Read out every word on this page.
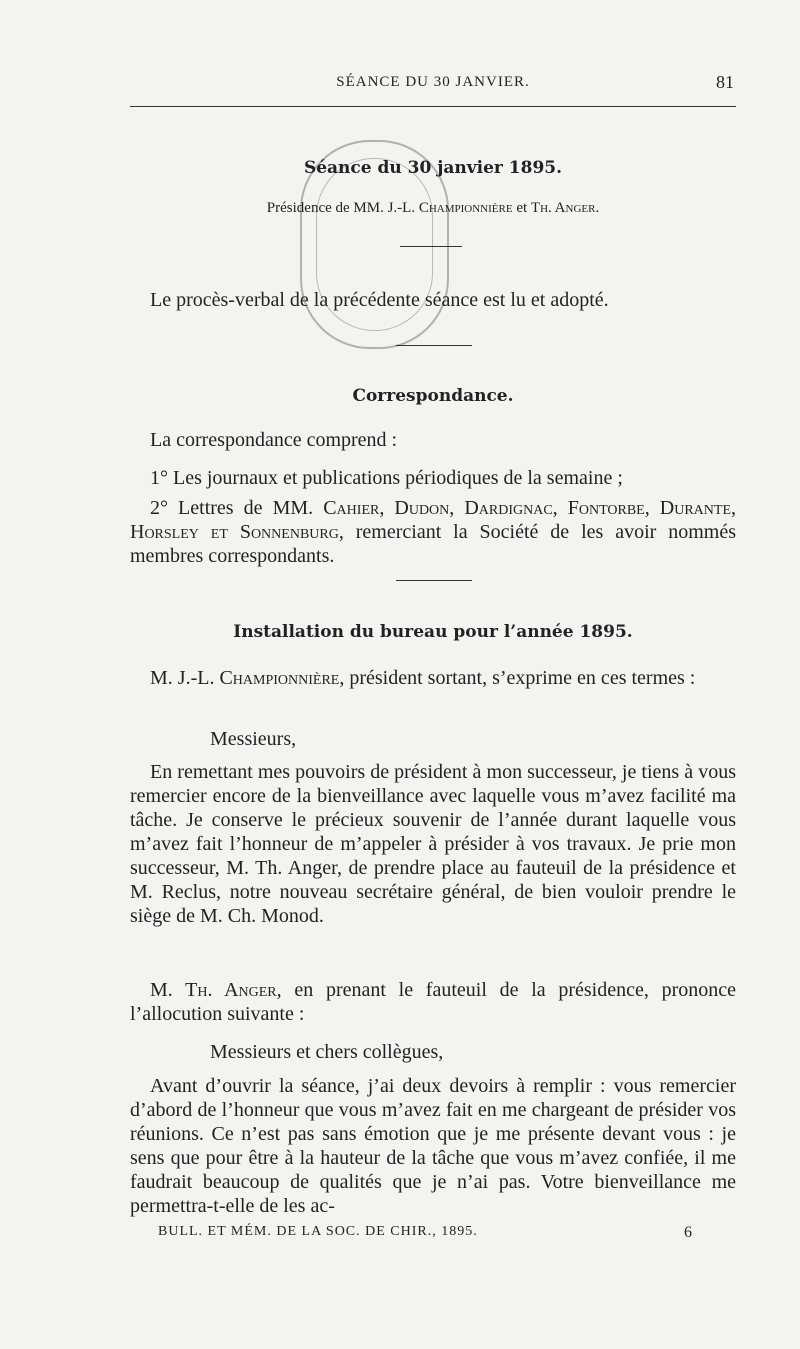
SÉANCE DU 30 JANVIER.	81
Séance du 30 janvier 1895.
Présidence de MM. J.-L. Championnière et Th. Anger.

Le procès-verbal de la précédente séance est lu et adopté.

Correspondance.

La correspondance comprend :

1° Les journaux et publications périodiques de la semaine ;

2° Lettres de MM. Cahier, Dudon, Dardignac, Fontorbe, Durante, Horsley et Sonnenburg, remerciant la Société de les avoir nommés membres correspondants.

Installation du bureau pour l’année 1895.

M. J.-L. Championnière, président sortant, s’exprime en ces termes :

Messieurs,

En remettant mes pouvoirs de président à mon successeur, je tiens à vous remercier encore de la bienveillance avec laquelle vous m’avez facilité ma tâche. Je conserve le précieux souvenir de l’année durant laquelle vous m’avez fait l’honneur de m’appeler à présider à vos travaux. Je prie mon successeur, M. Th. Anger, de prendre place au fauteuil de la présidence et M. Reclus, notre nouveau secrétaire général, de bien vouloir prendre le siège de M. Ch. Monod.

M. Th. Anger, en prenant le fauteuil de la présidence, prononce l’allocution suivante :

Messieurs et chers collègues,

Avant d’ouvrir la séance, j’ai deux devoirs à remplir : vous remercier d’abord de l’honneur que vous m’avez fait en me chargeant de présider vos réunions. Ce n’est pas sans émotion que je me présente devant vous : je sens que pour être à la hauteur de la tâche que vous m’avez confiée, il me faudrait beaucoup de qualités que je n’ai pas. Votre bienveillance me permettra-t-elle de les ac-

BULL. ET MÉM. DE LA SOC. DE CHIR., 1895.	6
